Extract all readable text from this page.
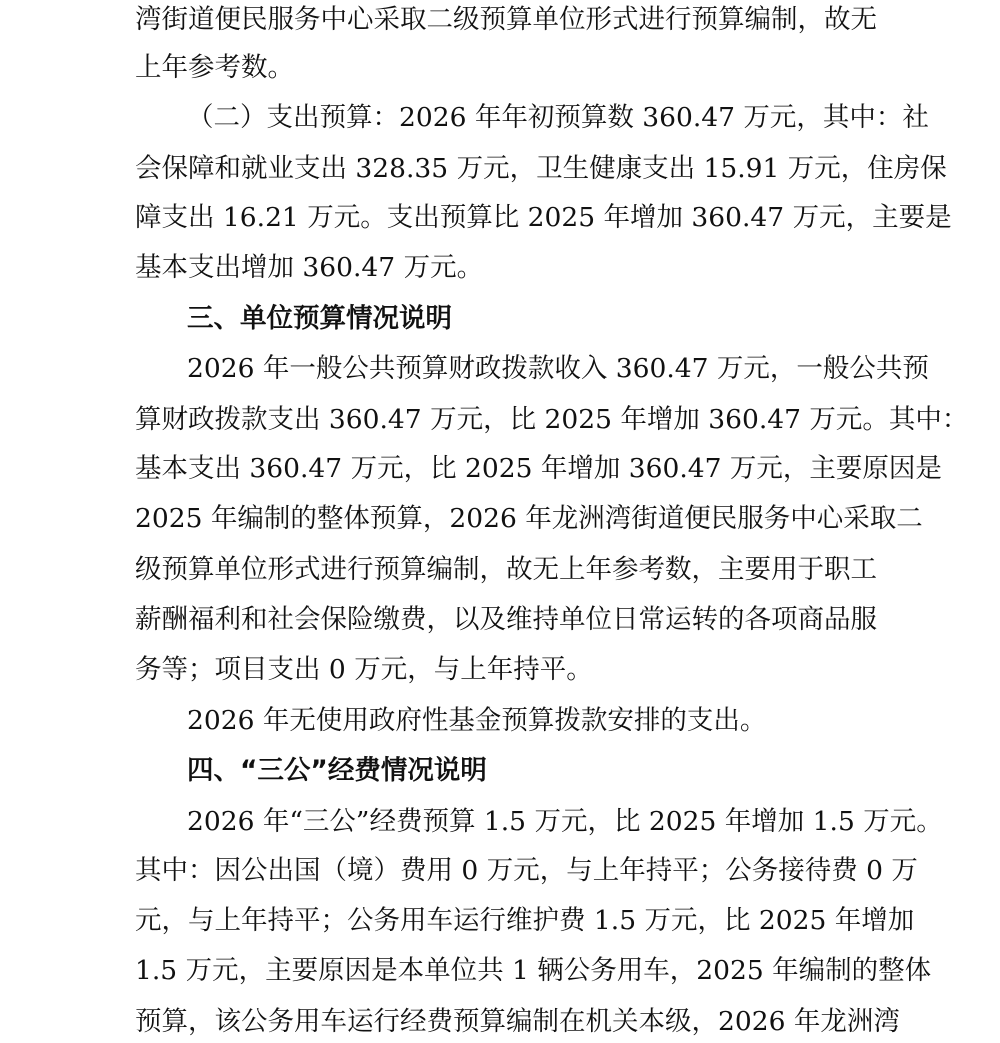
湾街道便民服务中心采取二级预算单位形式进行预算编制，故无
上年参考数。
（二）支出预算：2026 年年初预算数 360.47 万元，其中：社
会保障和就业支出 328.35 万元，卫生健康支出 15.91 万元，住房保
障支出 16.21 万元。支出预算比 2025 年增加 360.47 万元，主要是
基本支出增加 360.47 万元。
三、单位预算情况说明
2026 年一般公共预算财政拨款收入 360.47 万元，一般公共预
算财政拨款支出 360.47 万元，比 2025 年增加 360.47 万元。其中：
基本支出 360.47 万元，比 2025 年增加 360.47 万元，主要原因是
2025 年编制的整体预算，2026 年龙洲湾街道便民服务中心采取二
级预算单位形式进行预算编制，故无上年参考数，主要用于职工
薪酬福利和社会保险缴费，以及维持单位日常运转的各项商品服
务等；项目支出 0 万元，与上年持平。
2026 年无使用政府性基金预算拨款安排的支出。
四、“三公”经费情况说明
2026 年“三公”经费预算 1.5 万元，比 2025 年增加 1.5 万元。
其中：因公出国（境）费用 0 万元，与上年持平；公务接待费 0 万
元，与上年持平；公务用车运行维护费 1.5 万元，比 2025 年增加
1.5 万元，主要原因是本单位共 1 辆公务用车，2025 年编制的整体
预算，该公务用车运行经费预算编制在机关本级，2026 年龙洲湾
